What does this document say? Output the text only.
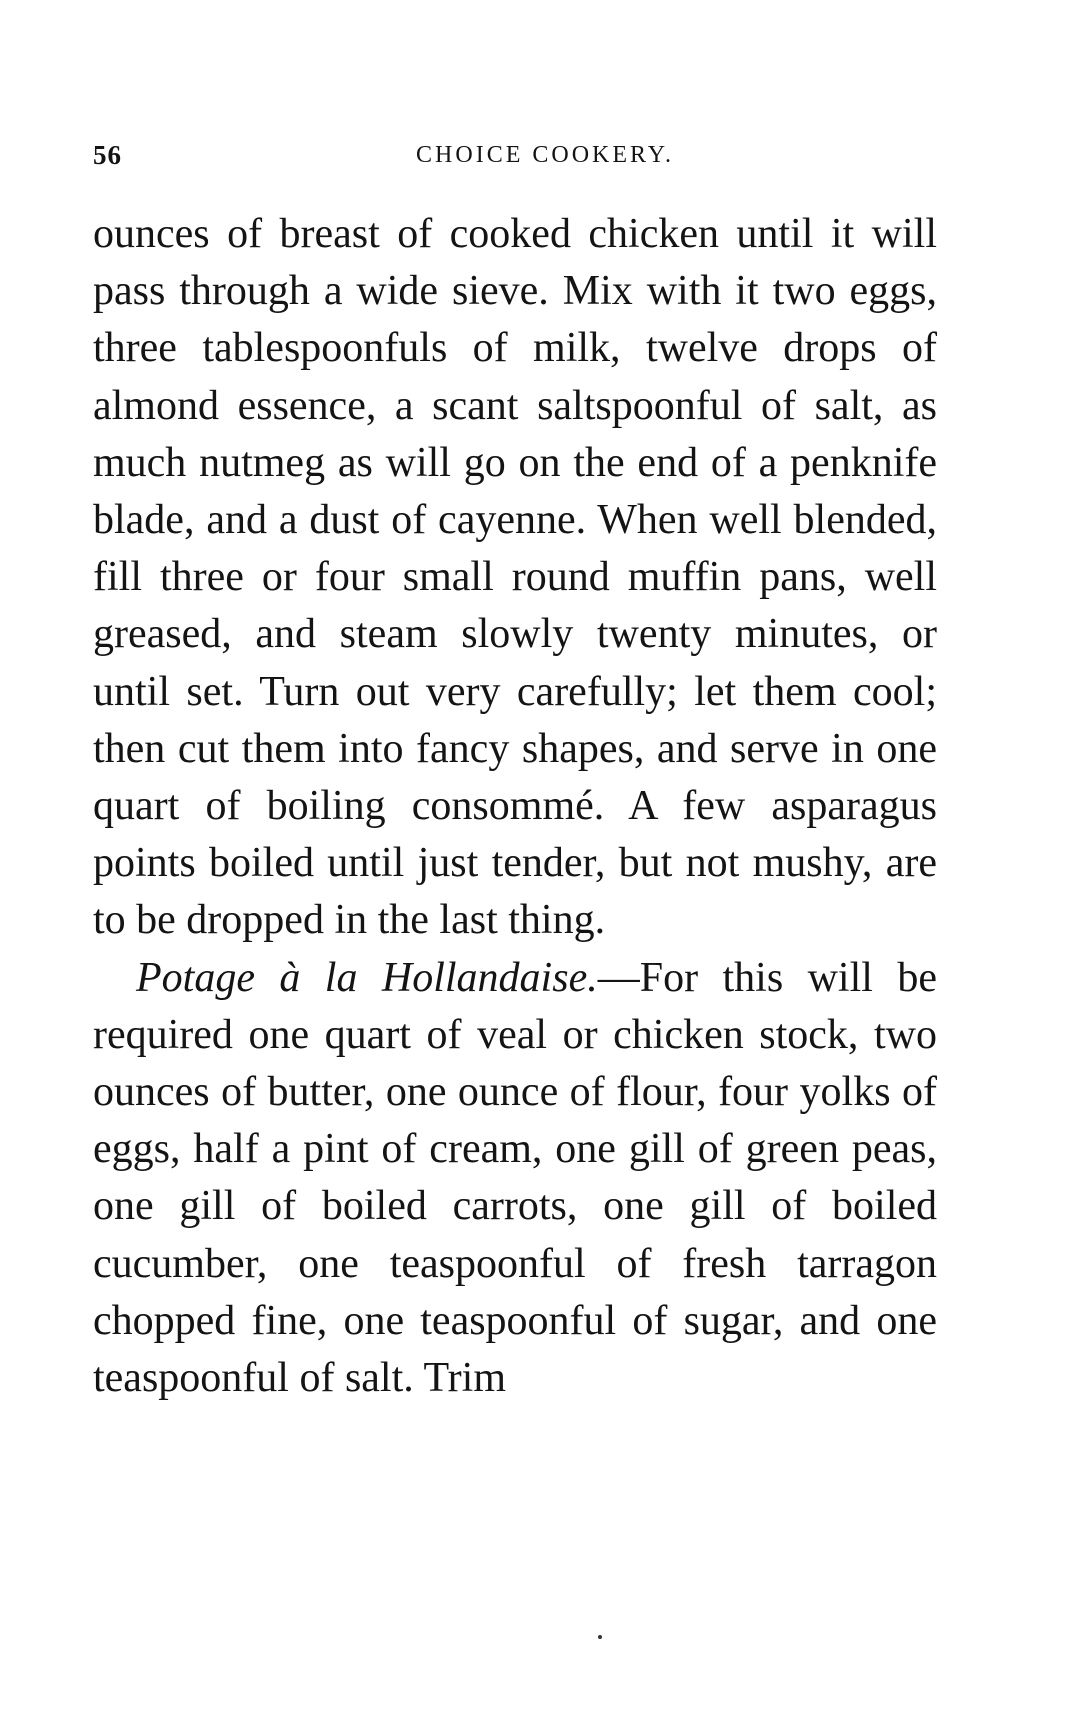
56	CHOICE COOKERY.

ounces of breast of cooked chicken until it will pass through a wide sieve. Mix with it two eggs, three tablespoonfuls of milk, twelve drops of almond essence, a scant saltspoonful of salt, as much nutmeg as will go on the end of a penknife blade, and a dust of cayenne. When well blended, fill three or four small round muffin pans, well greased, and steam slowly twenty minutes, or until set. Turn out very carefully; let them cool; then cut them into fancy shapes, and serve in one quart of boiling consommé. A few asparagus points boiled until just tender, but not mushy, are to be dropped in the last thing.

Potage à la Hollandaise.—For this will be required one quart of veal or chicken stock, two ounces of butter, one ounce of flour, four yolks of eggs, half a pint of cream, one gill of green peas, one gill of boiled carrots, one gill of boiled cucumber, one teaspoonful of fresh tarragon chopped fine, one teaspoonful of sugar, and one teaspoonful of salt. Trim
